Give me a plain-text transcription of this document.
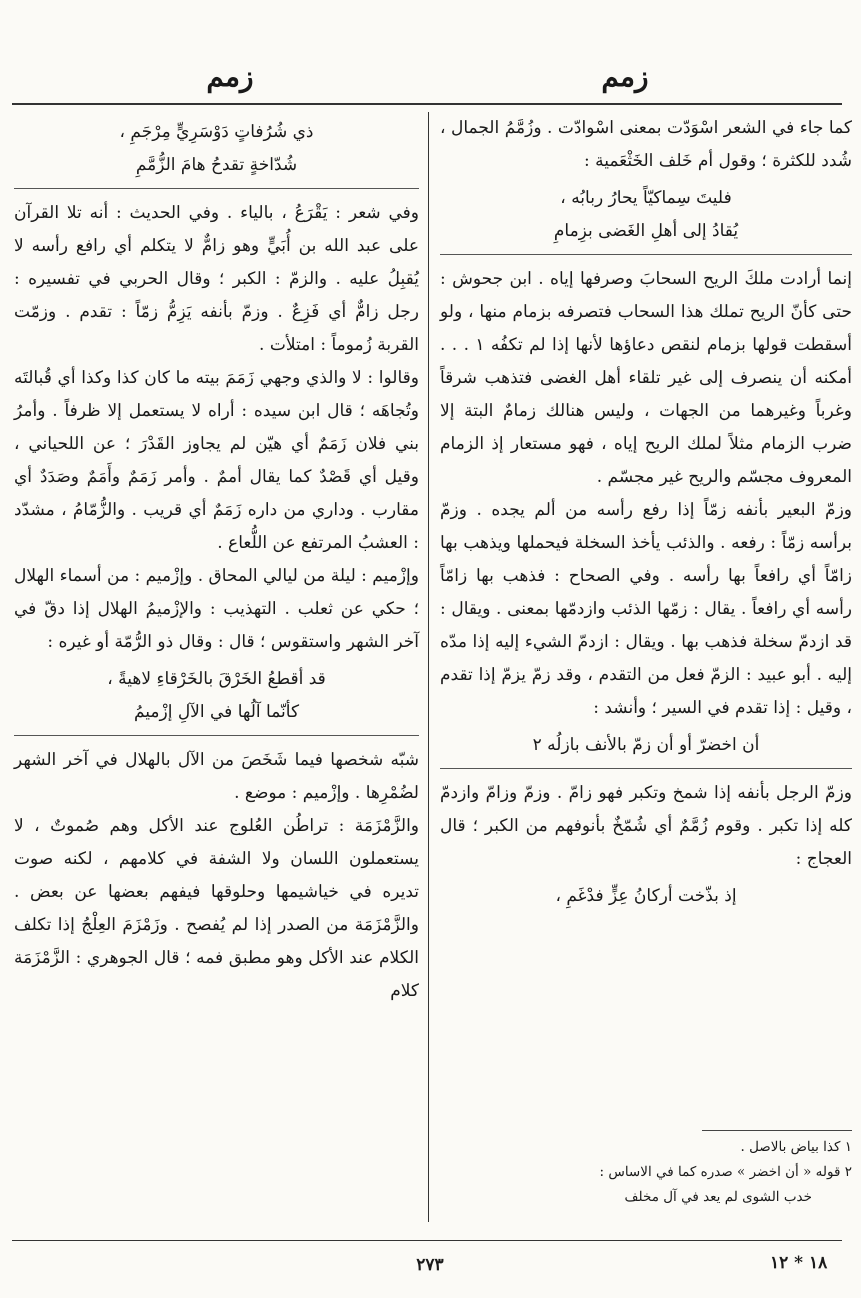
زمم
زمم

كما جاء في الشعر اسْوَدّت بمعنى اسْوادّت . وزُمَّمُ الجمال ، شُدد للكثرة ؛ وقول أم خَلف الخَثْعَمية :

فليتَ سِماكيّاً يحارُ ربابُه ،
يُقادُ إلى أهلِ الغَضى بزِمامِ

إنما أرادت ملكَ الريح السحابَ وصرفها إياه . ابن جحوش : حتى كأنّ الريح تملك هذا السحاب فتصرفه بزمام منها ، ولو أسقطت قولها بزمام لنقص دعاؤها لأنها إذا لم تكفُه ١ . . . أمكنه أن ينصرف إلى غير تلقاء أهل الغضى فتذهب شرقاً وغرباً وغيرهما من الجهات ، وليس هنالك زمامٌ البتة إلا ضرب الزمام مثلاً لملك الريح إياه ، فهو مستعار إذ الزمام المعروف مجسّم والريح غير مجسّم .

وزمّ البعير بأنفه زمّاً إذا رفع رأسه من ألم يجده . وزمّ برأسه زمّاً : رفعه . والذئب يأخذ السخلة فيحملها ويذهب بها زامّاً أي رافعاً بها رأسه . وفي الصحاح : فذهب بها زامّاً رأسه أي رافعاً . يقال : زمّها الذئب وازدمّها بمعنى . ويقال : قد ازدمّ سخلة فذهب بها . ويقال : ازدمّ الشيء إليه إذا مدّه إليه . أبو عبيد : الزمّ فعل من التقدم ، وقد زمّ يزمّ إذا تقدم ، وقيل : إذا تقدم في السير ؛ وأنشد :

أن اخضرّ أو أن زمّ بالأنف بازلُه ٢

وزمّ الرجل بأنفه إذا شمخ وتكبر فهو زامّ . وزمّ وزامّ وازدمّ كله إذا تكبر . وقوم زُمَّمٌ أي شُمّخٌ بأنوفهم من الكبر ؛ قال العجاج :

إذ بذّخت أركانُ عِزٍّ فدْغَمِ ،
ذي شُرُفاتٍ دَوْسَرِيٍّ مِرْجَمِ ،
شُدّاخةٍ تقدحُ هامَ الزُّمَّمِ

وفي شعر : يَقْرَعُ ، بالياء . وفي الحديث : أنه تلا القرآن على عبد الله بن أُبَيٍّ وهو زامٌّ لا يتكلم أي رافع رأسه لا يُقبِلُ عليه . والزمّ : الكبر ؛ وقال الحربي في تفسيره : رجل زامٌّ أي فَزِعٌ . وزمّ بأنفه يَزِمُّ زمّاً : تقدم . وزمّت القربة زُموماً : امتلأت .

وقالوا : لا والذي وجهي زَمَمَ بيته ما كان كذا وكذا أي قُبالتَه وتُجاهَه ؛ قال ابن سيده : أراه لا يستعمل إلا ظرفاً . وأمرُ بني فلان زَمَمٌ أي هيّن لم يجاوز القَدْرَ ؛ عن اللحياني ، وقيل أي قَصْدٌ كما يقال أممٌ . وأمر زَمَمٌ وأَمَمٌ وصَدَدٌ أي مقارب . وداري من داره زَمَمٌ أي قريب . والزُّمّامُ ، مشدّد : العشبُ المرتفع عن اللُّعاع .

وإزْميم : ليلة من ليالي المحاق . وإزْميم : من أسماء الهلال ؛ حكي عن ثعلب . التهذيب : والإزْميمُ الهلال إذا دقّ في آخر الشهر واستقوس ؛ قال : وقال ذو الرُّمّة أو غيره :

قد أقطعُ الخَرْقَ بالخَرْقاءِ لاهيةً ،
كأنّما آلُها في الآلِ إزْميمُ

شبّه شخصها فيما شَخَصَ من الآل بالهلال في آخر الشهر لضُمْرِها . وإزْميم : موضع .

والزَّمْزَمَة : تراطُن العُلوج عند الأكل وهم صُموتٌ ، لا يستعملون اللسان ولا الشفة في كلامهم ، لكنه صوت تديره في خياشيمها وحلوقها فيفهم بعضها عن بعض . والزَّمْزَمَة من الصدر إذا لم يُفصح . وزَمْزَمَ العِلْجُ إذا تكلف الكلام عند الأكل وهو مطبق فمه ؛ قال الجوهري : الزَّمْزَمَة كلام

١ كذا بياض بالاصل .
٢ قوله « أن اخضر » صدره كما في الاساس :
خدب الشوى لم يعد في آل مخلف
٢٧٣	١٨ * ١٢
